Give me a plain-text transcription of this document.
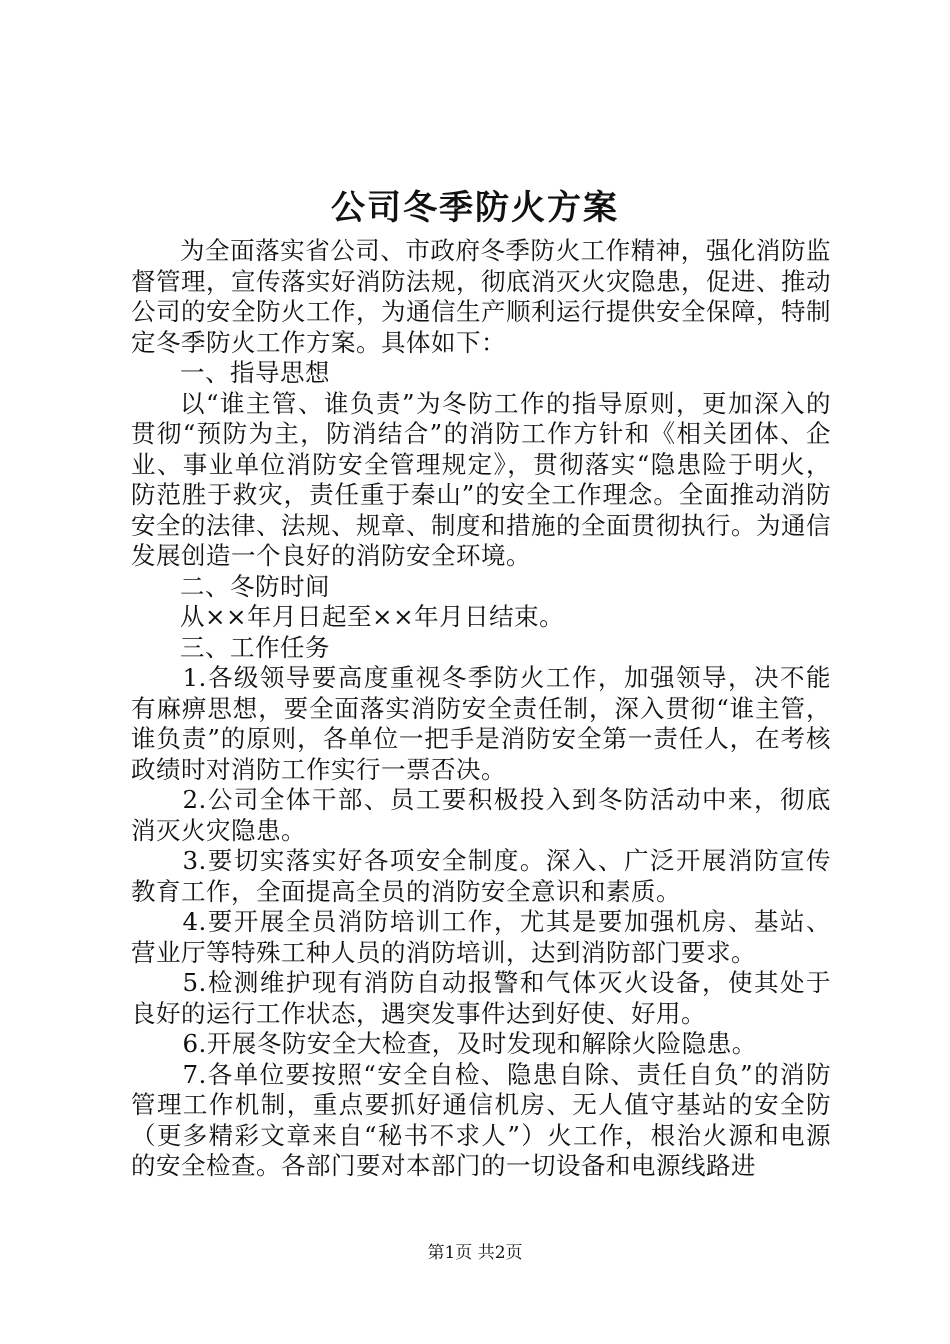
公司冬季防火方案

为全面落实省公司、市政府冬季防火工作精神，强化消防监督管理，宣传落实好消防法规，彻底消灭火灾隐患，促进、推动公司的安全防火工作，为通信生产顺利运行提供安全保障，特制定冬季防火工作方案。具体如下：

一、指导思想

以“谁主管、谁负责”为冬防工作的指导原则，更加深入的贯彻“预防为主，防消结合”的消防工作方针和《相关团体、企业、事业单位消防安全管理规定》，贯彻落实“隐患险于明火，防范胜于救灾，责任重于秦山”的安全工作理念。全面推动消防安全的法律、法规、规章、制度和措施的全面贯彻执行。为通信发展创造一个良好的消防安全环境。

二、冬防时间

从××年月日起至××年月日结束。

三、工作任务

1.各级领导要高度重视冬季防火工作，加强领导，决不能有麻痹思想，要全面落实消防安全责任制，深入贯彻“谁主管，谁负责”的原则，各单位一把手是消防安全第一责任人，在考核政绩时对消防工作实行一票否决。

2.公司全体干部、员工要积极投入到冬防活动中来，彻底消灭火灾隐患。

3.要切实落实好各项安全制度。深入、广泛开展消防宣传教育工作，全面提高全员的消防安全意识和素质。

4.要开展全员消防培训工作，尤其是要加强机房、基站、营业厅等特殊工种人员的消防培训，达到消防部门要求。

5.检测维护现有消防自动报警和气体灭火设备，使其处于良好的运行工作状态，遇突发事件达到好使、好用。

6.开展冬防安全大检查，及时发现和解除火险隐患。

7.各单位要按照“安全自检、隐患自除、责任自负”的消防管理工作机制，重点要抓好通信机房、无人值守基站的安全防（更多精彩文章来自“秘书不求人”）火工作，根治火源和电源的安全检查。各部门要对本部门的一切设备和电源线路进

第1页 共2页
